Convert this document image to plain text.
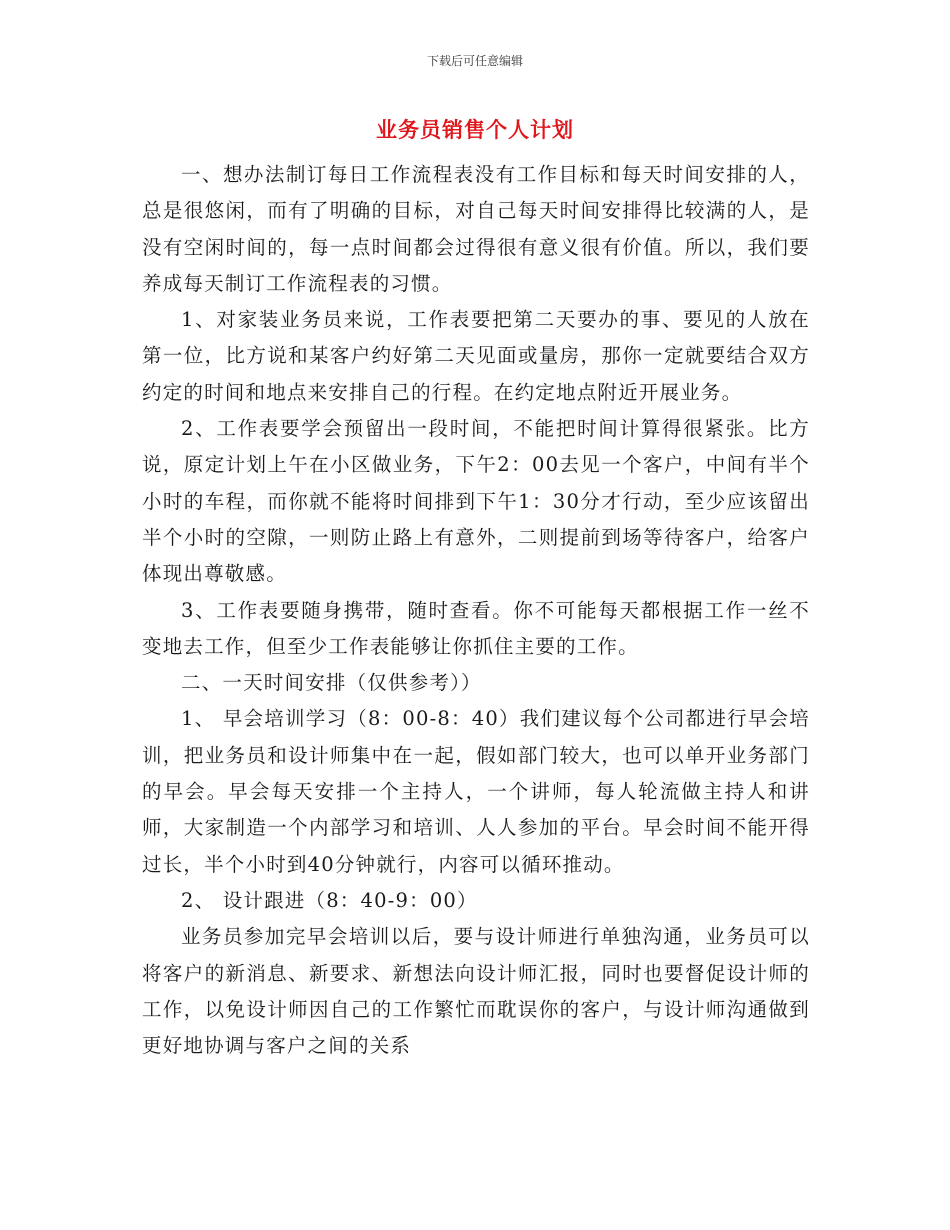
下载后可任意编辑
业务员销售个人计划

一、想办法制订每日工作流程表没有工作目标和每天时间安排的人，总是很悠闲，而有了明确的目标，对自己每天时间安排得比较满的人，是没有空闲时间的，每一点时间都会过得很有意义很有价值。所以，我们要养成每天制订工作流程表的习惯。

1、对家装业务员来说，工作表要把第二天要办的事、要见的人放在第一位，比方说和某客户约好第二天见面或量房，那你一定就要结合双方约定的时间和地点来安排自己的行程。在约定地点附近开展业务。

2、工作表要学会预留出一段时间，不能把时间计算得很紧张。比方说，原定计划上午在小区做业务，下午2：00去见一个客户，中间有半个小时的车程，而你就不能将时间排到下午1：30分才行动，至少应该留出半个小时的空隙，一则防止路上有意外，二则提前到场等待客户，给客户体现出尊敬感。

3、工作表要随身携带，随时查看。你不可能每天都根据工作一丝不变地去工作，但至少工作表能够让你抓住主要的工作。

二、一天时间安排（仅供参考））

1、 早会培训学习（8：00-8：40）我们建议每个公司都进行早会培训，把业务员和设计师集中在一起，假如部门较大，也可以单开业务部门的早会。早会每天安排一个主持人，一个讲师，每人轮流做主持人和讲师，大家制造一个内部学习和培训、人人参加的平台。早会时间不能开得过长，半个小时到40分钟就行，内容可以循环推动。

2、 设计跟进（8：40-9：00）

业务员参加完早会培训以后，要与设计师进行单独沟通，业务员可以将客户的新消息、新要求、新想法向设计师汇报，同时也要督促设计师的工作，以免设计师因自己的工作繁忙而耽误你的客户，与设计师沟通做到更好地协调与客户之间的关系
